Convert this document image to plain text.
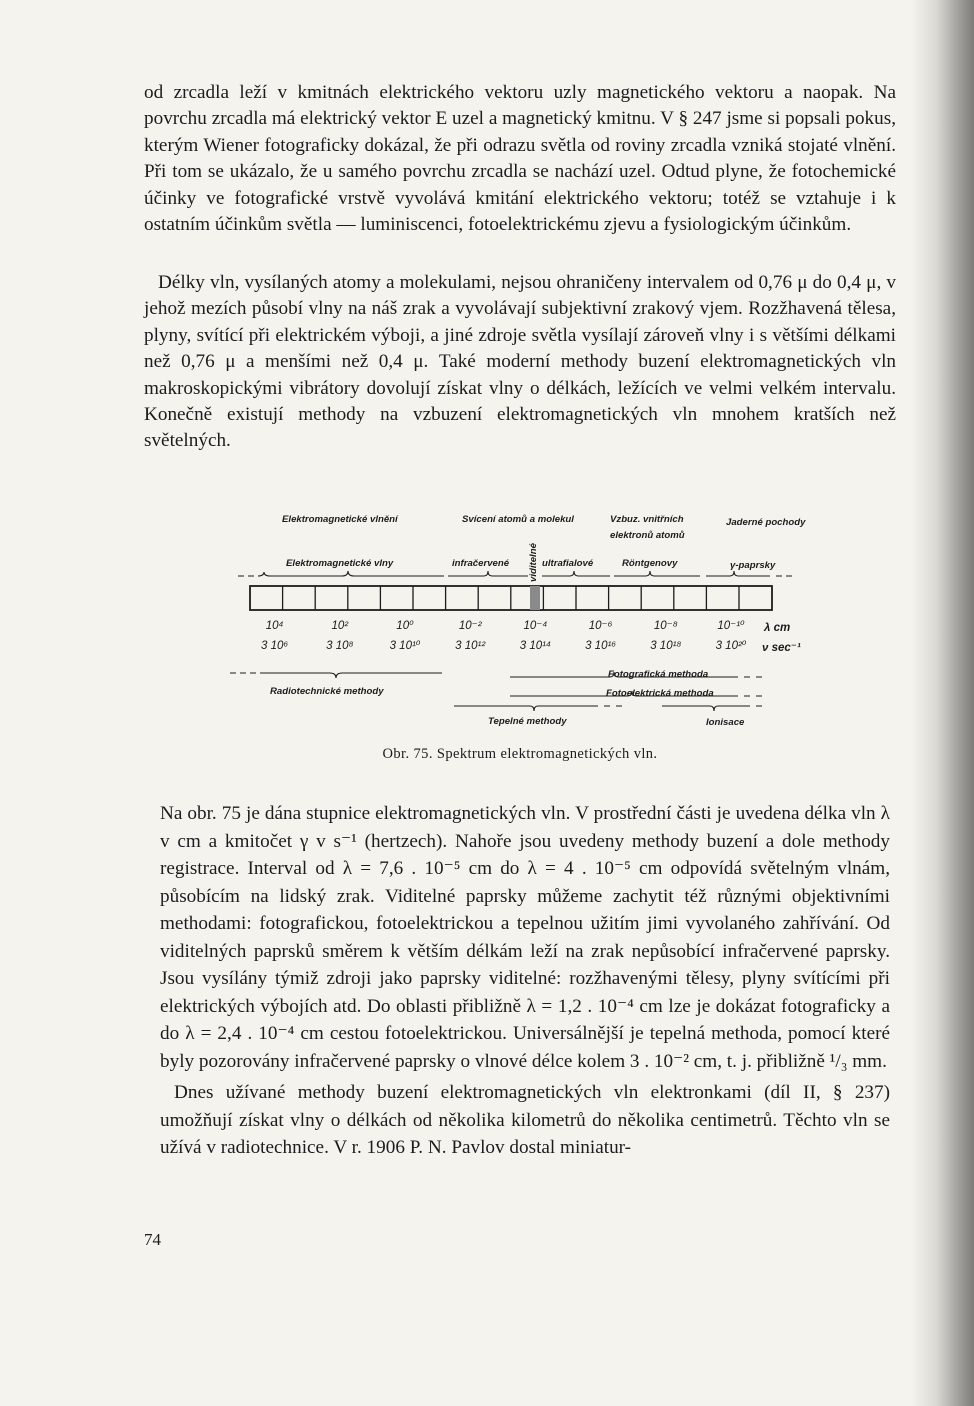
od zrcadla leží v kmitnách elektrického vektoru uzly magnetického vektoru a naopak. Na povrchu zrcadla má elektrický vektor E uzel a magnetický kmitnu. V § 247 jsme si popsali pokus, kterým Wiener fotograficky dokázal, že při odrazu světla od roviny zrcadla vzniká stojaté vlnění. Při tom se ukázalo, že u samého povrchu zrcadla se nachází uzel. Odtud plyne, že fotochemické účinky ve fotografické vrstvě vyvolává kmitání elektrického vektoru; totéž se vztahuje i k ostatním účinkům světla — luminiscenci, fotoelektrickému zjevu a fysiologickým účinkům.

Délky vln, vysílaných atomy a molekulami, nejsou ohraničeny intervalem od 0,76 μ do 0,4 μ, v jehož mezích působí vlny na náš zrak a vyvolávají subjektivní zrakový vjem. Rozžhavená tělesa, plyny, svítící při elektrickém výboji, a jiné zdroje světla vysílají zároveň vlny i s většími délkami než 0,76 μ a menšími než 0,4 μ. Také moderní methody buzení elektromagnetických vln makroskopickými vibrátory dovolují získat vlny o délkách, ležících ve velmi velkém intervalu. Konečně existují methody na vzbuzení elektromagnetických vln mnohem kratších než světelných.

Elektromagnetické vlnění	Svícení atomů a molekul	Vzbuz. vnitřních
elektronů atomů
Jaderné pochody
Elektromagnetické vlny	infračervené viditelné ultrafialové	Röntgenovy	γ-paprsky
10⁴	10²	10⁰	10⁻²	10⁻⁴	10⁻⁶	10⁻⁸	10⁻¹⁰ λ cm
3 10⁶	3 10⁸	3 10¹⁰	3 10¹²	3 10¹⁴	3 10¹⁶	3 10¹⁸	3 10²⁰ ν sec⁻¹
Radiotechnické methody
Fotografická methoda
Fotoelektrická methoda
Tepelné methody	Ionisace
Obr. 75. Spektrum elektromagnetických vln.

Na obr. 75 je dána stupnice elektromagnetických vln. V prostřední části je uvedena délka vln λ v cm a kmitočet γ v s⁻¹ (hertzech). Nahoře jsou uvedeny methody buzení a dole methody registrace. Interval od λ = 7,6 . 10⁻⁵ cm do λ = 4 . 10⁻⁵ cm odpovídá světelným vlnám, působícím na lidský zrak. Viditelné paprsky můžeme zachytit též různými objektivními methodami: fotografickou, fotoelektrickou a tepelnou užitím jimi vyvolaného zahřívání. Od viditelných paprsků směrem k větším délkám leží na zrak nepůsobící infračervené paprsky. Jsou vysílány týmiž zdroji jako paprsky viditelné: rozžhavenými tělesy, plyny svítícími při elektrických výbojích atd. Do oblasti přibližně λ = 1,2 . 10⁻⁴ cm lze je dokázat fotograficky a do λ = 2,4 . 10⁻⁴ cm cestou fotoelektrickou. Universálnější je tepelná methoda, pomocí které byly pozorovány infračervené paprsky o vlnové délce kolem 3 . 10⁻² cm, t. j. přibližně ¹/₃ mm.

Dnes užívané methody buzení elektromagnetických vln elektronkami (díl II, § 237) umožňují získat vlny o délkách od několika kilometrů do několika centimetrů. Těchto vln se užívá v radiotechnice. V r. 1906 P. N. Pavlov dostal miniatur-

74
